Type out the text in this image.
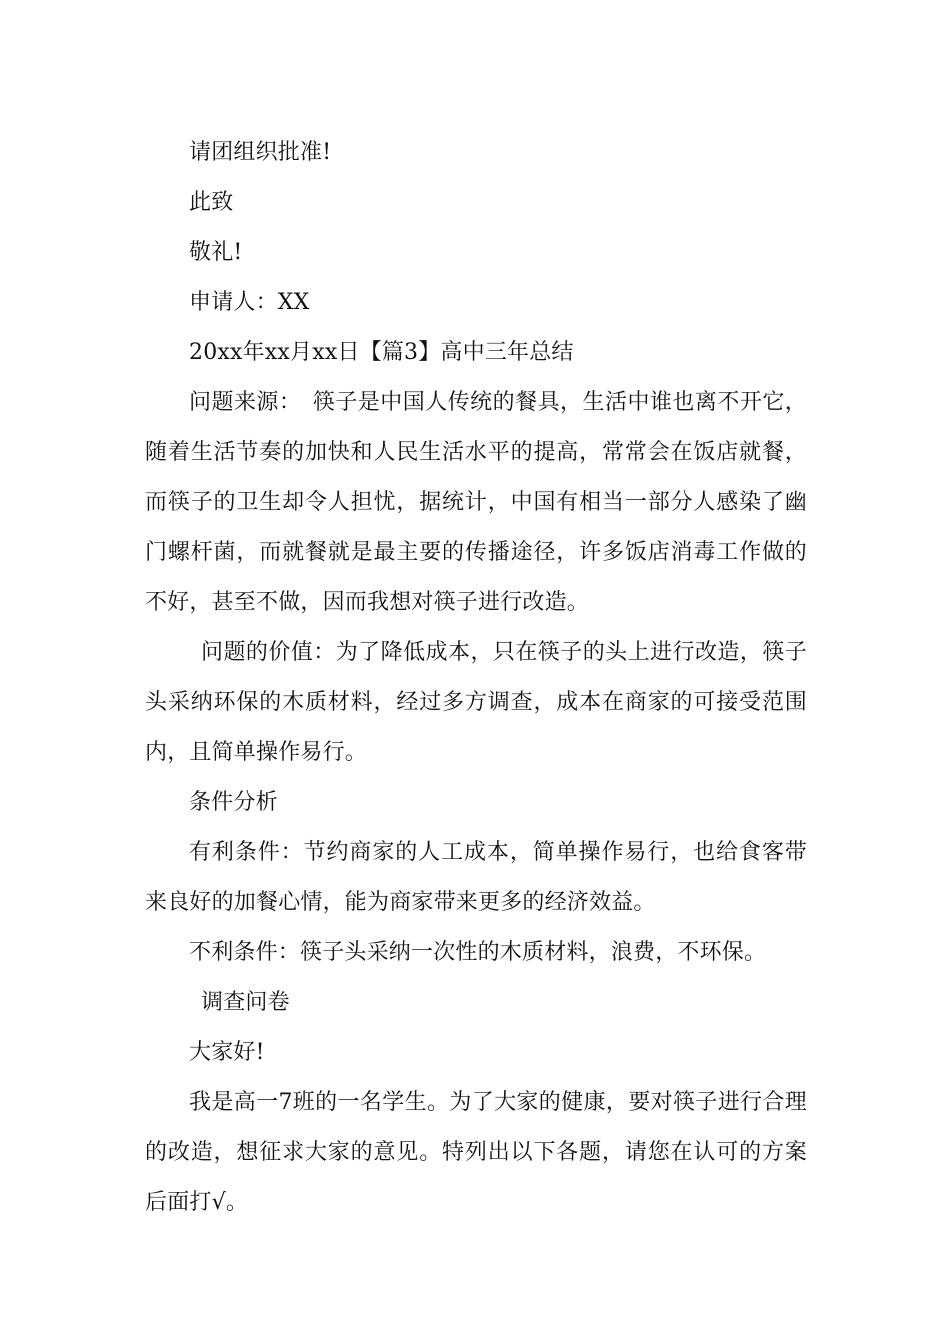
请团组织批准!

此致

敬礼!

申请人：XX

20xx年xx月xx日【篇3】高中三年总结

问题来源：　筷子是中国人传统的餐具，生活中谁也离不开它，随着生活节奏的加快和人民生活水平的提高，常常会在饭店就餐，而筷子的卫生却令人担忧，据统计，中国有相当一部分人感染了幽门螺杆菌，而就餐就是最主要的传播途径，许多饭店消毒工作做的不好，甚至不做，因而我想对筷子进行改造。

问题的价值：为了降低成本，只在筷子的头上进行改造，筷子头采纳环保的木质材料，经过多方调查，成本在商家的可接受范围内，且简单操作易行。

条件分析

有利条件：节约商家的人工成本，简单操作易行，也给食客带来良好的加餐心情，能为商家带来更多的经济效益。

不利条件：筷子头采纳一次性的木质材料，浪费，不环保。

调查问卷

大家好!

我是高一7班的一名学生。为了大家的健康，要对筷子进行合理的改造，想征求大家的意见。特列出以下各题，请您在认可的方案后面打√。
